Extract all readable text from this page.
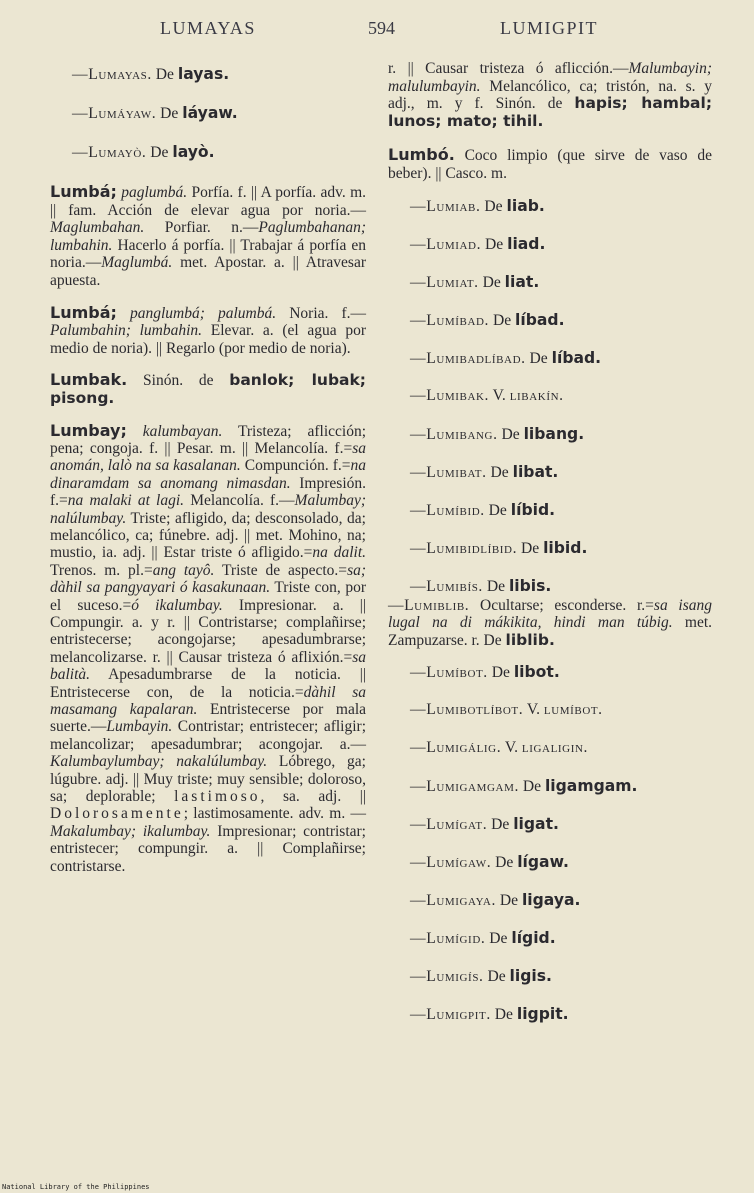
LUMAYAS	594	LUMIGPIT
—Lumayas. De layas.
—Lumáyaw. De láyaw.
—Lumayò. De layò.

Lumbá; paglumbá. Porfía. f. || A porfía. adv. m. || fam. Acción de elevar agua por noria.—Maglumbahan. Porfiar. n.—Paglumbahanan; lumbahin. Hacerlo á porfía. || Trabajar á porfía en noria.—Maglumbá. met. Apostar. a. || Atravesar apuesta.

Lumbá; panglumbá; palumbá. Noria. f.—Palumbahin; lumbahin. Elevar. a. (el agua por medio de noria). || Regarlo (por medio de noria).

Lumbak. Sinón. de banlok; lubak; pisong.

Lumbay; kalumbayan. Tristeza; aflicción; pena; congoja. f. || Pesar. m. || Melancolía. f.=sa anomán, lalò na sa kasalanan. Compunción. f.=na dinaramdam sa anomang nimasdan. Impresión. f.=na malaki at lagi. Melancolía. f.—Malumbay; nalúlumbay. Triste; afligido, da; desconsolado, da; melancólico, ca; fúnebre. adj. || met. Mohino, na; mustio, ia. adj. || Estar triste ó afligido.=na dalit. Trenos. m. pl.=ang tayô. Triste de aspecto.=sa; dàhil sa pangyayari ó kasakunaan. Triste con, por el suceso.=ó ikalumbay. Impresionar. a. || Compungir. a. y r. || Contristarse; complañirse; entristecerse; acongojarse; apesadumbrarse; melancolizarse. r. || Causar tristeza ó aflixión.=sa balità. Apesadumbrarse de la noticia. || Entristecerse con, de la noticia.=dàhil sa masamang kapalaran. Entristecerse por mala suerte.—Lumbayin. Contristar; entristecer; afligir; melancolizar; apesadumbrar; acongojar. a.—Kalumbaylumbay; nakalúlumbay. Lóbrego, ga; lúgubre. adj. || Muy triste; muy sensible; doloroso, sa; deplorable; lastimoso, sa. adj. || Dolorosamente; lastimosamente. adv. m. —Makalumbay; ikalumbay. Impresionar; contristar; entristecer; compungir. a. || Complañirse; contristarse.

r. || Causar tristeza ó aflicción.—Malumbayin; malulumbayin. Melancólico, ca; tristón, na. s. y adj., m. y f. Sinón. de hapis; hambal; lunos; mato; tihil.

Lumbó. Coco limpio (que sirve de vaso de beber). || Casco. m.

—Lumiab. De liab.
—Lumiad. De liad.
—Lumiat. De liat.
—Lumíbad. De líbad.
—Lumibadlíbad. De líbad.
—Lumibak. V. libakín.
—Lumibang. De libang.
—Lumibat. De libat.
—Lumíbid. De líbid.
—Lumibidlíbid. De libid.
—Lumibís. De libis.

—Lumiblib. Ocultarse; esconderse. r.=sa isang lugal na di mákikita, hindi man túbig. met. Zampuzarse. r. De liblib.

—Lumíbot. De libot.
—Lumibotlíbot. V. lumíbot.
—Lumigálig. V. ligaligin.
—Lumigamgam. De ligamgam.
—Lumígat. De ligat.
—Lumígaw. De lígaw.
—Lumigaya. De ligaya.
—Lumígid. De lígid.
—Lumigís. De ligis.
—Lumigpit. De ligpit.
National Library of the Philippines
